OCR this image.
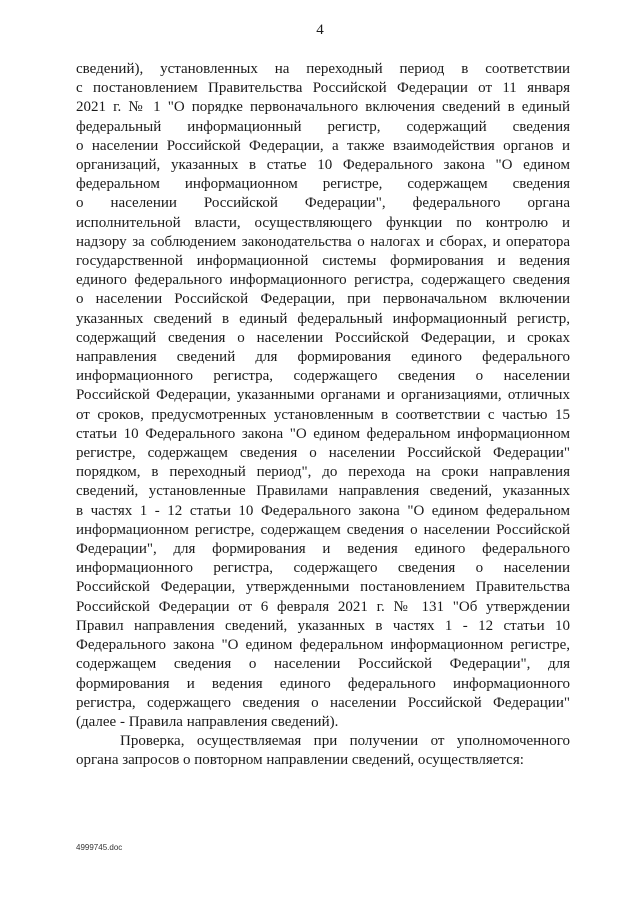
4

сведений), установленных на переходный период в соответствии
с постановлением Правительства Российской Федерации от 11 января
2021 г. № 1 "О порядке первоначального включения сведений в единый
федеральный информационный регистр, содержащий сведения
о населении Российской Федерации, а также взаимодействия органов и
организаций, указанных в статье 10 Федерального закона "О едином
федеральном информационном регистре, содержащем сведения
о населении Российской Федерации", федерального органа
исполнительной власти, осуществляющего функции по контролю и
надзору за соблюдением законодательства о налогах и сборах, и оператора
государственной информационной системы формирования и ведения
единого федерального информационного регистра, содержащего сведения
о населении Российской Федерации, при первоначальном включении
указанных сведений в единый федеральный информационный регистр,
содержащий сведения о населении Российской Федерации, и сроках
направления сведений для формирования единого федерального
информационного регистра, содержащего сведения о населении
Российской Федерации, указанными органами и организациями, отличных
от сроков, предусмотренных установленным в соответствии с частью 15
статьи 10 Федерального закона "О едином федеральном информационном
регистре, содержащем сведения о населении Российской Федерации"
порядком, в переходный период", до перехода на сроки направления
сведений, установленные Правилами направления сведений, указанных
в частях 1 - 12 статьи 10 Федерального закона "О едином федеральном
информационном регистре, содержащем сведения о населении Российской
Федерации", для формирования и ведения единого федерального
информационного регистра, содержащего сведения о населении
Российской Федерации, утвержденными постановлением Правительства
Российской Федерации от 6 февраля 2021 г. № 131 "Об утверждении
Правил направления сведений, указанных в частях 1 - 12 статьи 10
Федерального закона "О едином федеральном информационном регистре,
содержащем сведения о населении Российской Федерации", для
формирования и ведения единого федерального информационного
регистра, содержащего сведения о населении Российской Федерации"
(далее - Правила направления сведений).

Проверка, осуществляемая при получении от уполномоченного
органа запросов о повторном направлении сведений, осуществляется:

4999745.doc
